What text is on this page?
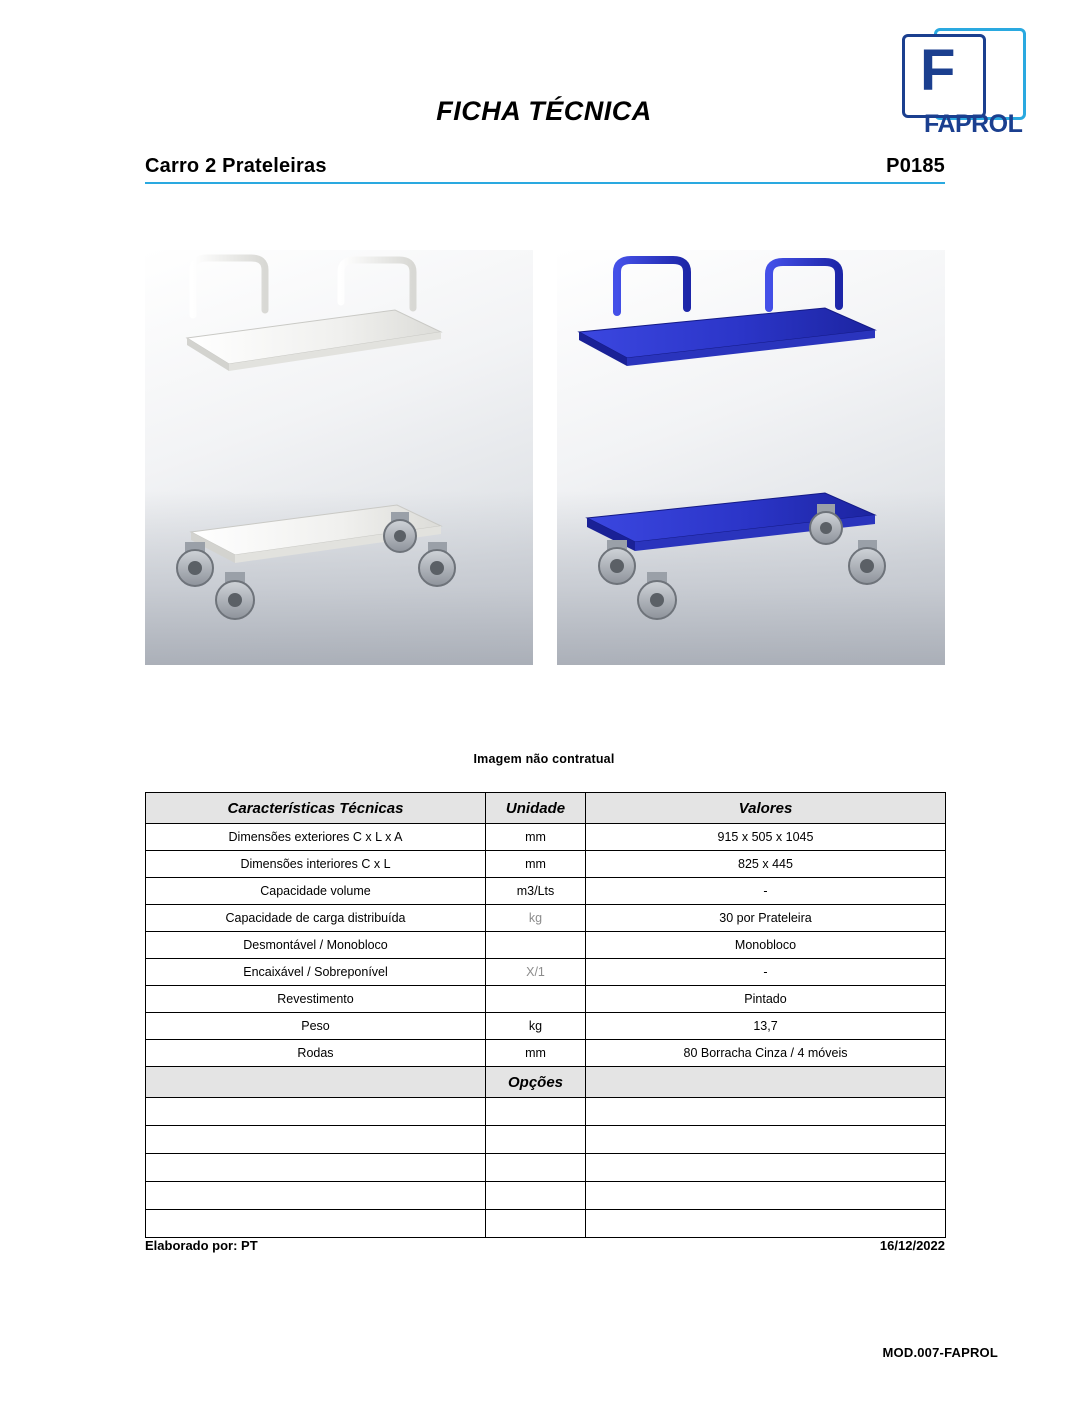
F
FAPROL
FICHA TÉCNICA
Carro 2 Prateleiras	P0185
Imagem não contratual
Características Técnicas	Unidade	Valores
Dimensões exteriores C x L x A	mm	915 x 505 x 1045
Dimensões interiores C x L	mm	825 x 445
Capacidade volume	m3/Lts	-
Capacidade de carga distribuída	kg	30 por Prateleira
Desmontável / Monobloco		Monobloco
Encaixável / Sobreponível	X/1	-
Revestimento		Pintado
Peso	kg	13,7
Rodas	mm	80 Borracha Cinza / 4 móveis
	Opções	

Elaborado por: PT	16/12/2022
MOD.007-FAPROL
